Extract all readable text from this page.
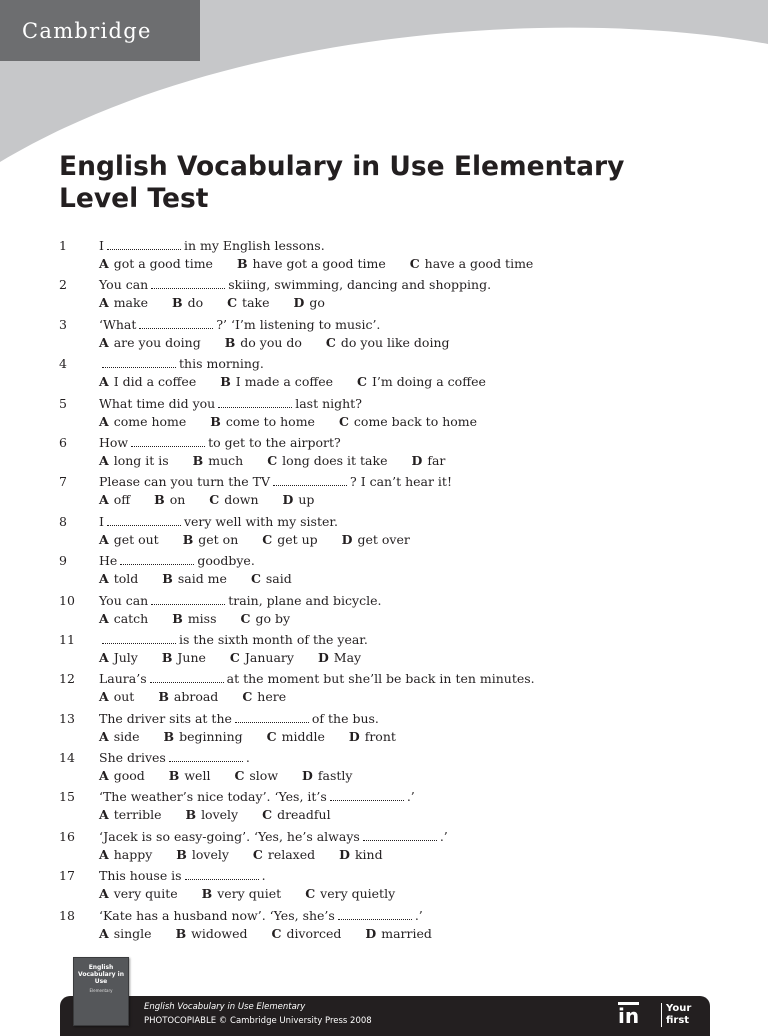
Cambridge
English Vocabulary in Use Elementary
Level Test
1	I	in my English lessons.
A got a good time B have got a good time C have a good time
2	You can	skiing, swimming, dancing and shopping.
A make B do C take D go
3	‘What	?’ ‘I’m listening to music’.
A are you doing B do you do C do you like doing
4	this morning.
A I did a coffee B I made a coffee C I’m doing a coffee
5	What time did you	last night?
A come home B come to home C come back to home
6	How	to get to the airport?
A long it is B much C long does it take D far
7	Please can you turn the TV	? I can’t hear it!
A off B on C down D up
8	I	very well with my sister.
A get out B get on C get up D get over
9	He	goodbye.
A told B said me C said
10	You can	train, plane and bicycle.
A catch B miss C go by
11	is the sixth month of the year.
A July B June C January D May
12	Laura’s	at the moment but she’ll be back in ten minutes.
A out B abroad C here
13	The driver sits at the	of the bus.
A side B beginning C middle D front
14	She drives	.
A good B well C slow D fastly
15	‘The weather’s nice today’. ‘Yes, it’s	.’
A terrible B lovely C dreadful
16	‘Jacek is so easy-going’. ‘Yes, he’s always	.’
A happy B lovely C relaxed D kind
17	This house is	.
A very quite B very quiet C very quietly
18	‘Kate has a husband now’. ‘Yes, she’s	.’
A single B widowed C divorced D married
English Vocabulary in Use Elementary
PHOTOCOPIABLE © Cambridge University Press 2008	in	Your first
English Vocabulary in Use
Elementary
